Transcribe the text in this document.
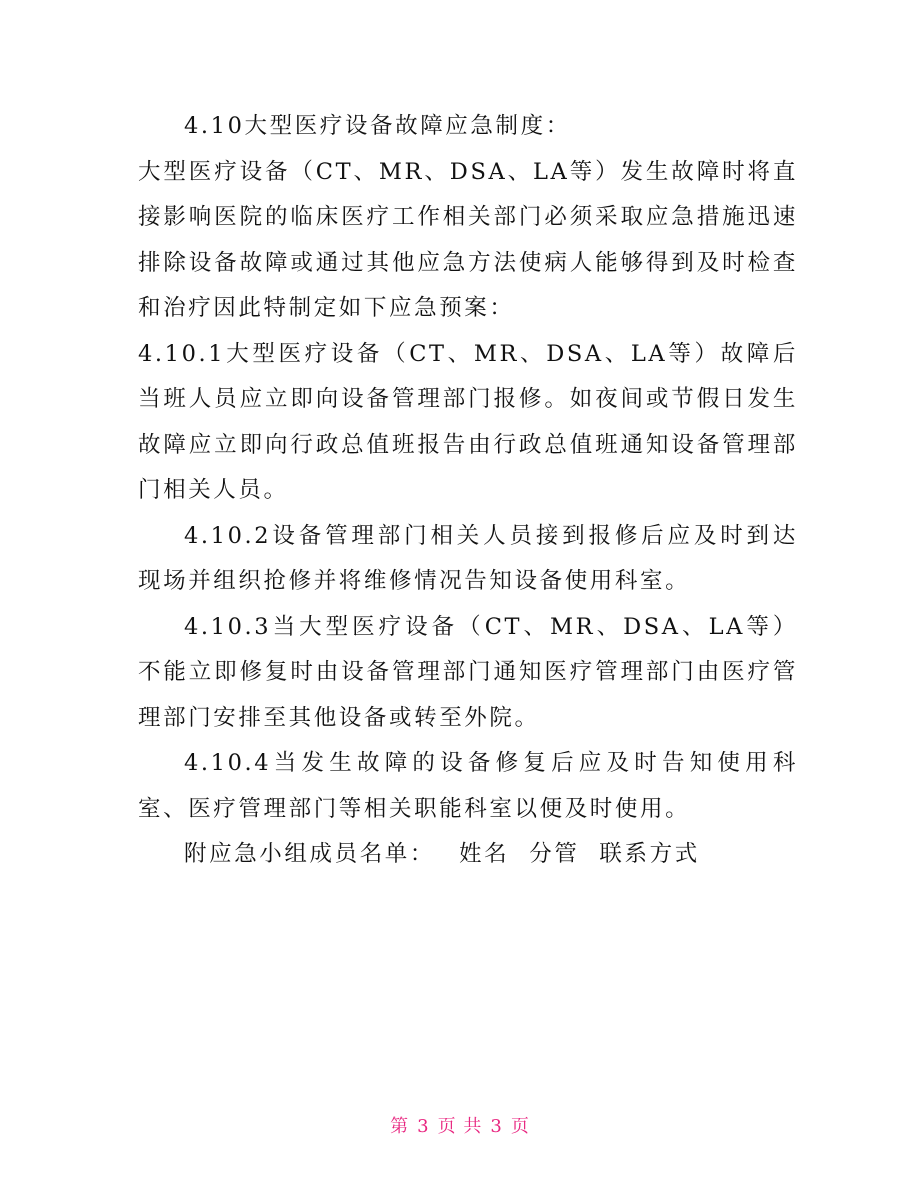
4.10大型医疗设备故障应急制度：

大型医疗设备（CT、MR、DSA、LA等）发生故障时将直接影响医院的临床医疗工作相关部门必须采取应急措施迅速排除设备故障或通过其他应急方法使病人能够得到及时检查和治疗因此特制定如下应急预案：

4.10.1大型医疗设备（CT、MR、DSA、LA等）故障后当班人员应立即向设备管理部门报修。如夜间或节假日发生故障应立即向行政总值班报告由行政总值班通知设备管理部门相关人员。

4.10.2设备管理部门相关人员接到报修后应及时到达现场并组织抢修并将维修情况告知设备使用科室。

4.10.3当大型医疗设备（CT、MR、DSA、LA等）不能立即修复时由设备管理部门通知医疗管理部门由医疗管理部门安排至其他设备或转至外院。

4.10.4当发生故障的设备修复后应及时告知使用科室、医疗管理部门等相关职能科室以便及时使用。

附应急小组成员名单： 姓名 分管 联系方式

第 3 页 共 3 页
